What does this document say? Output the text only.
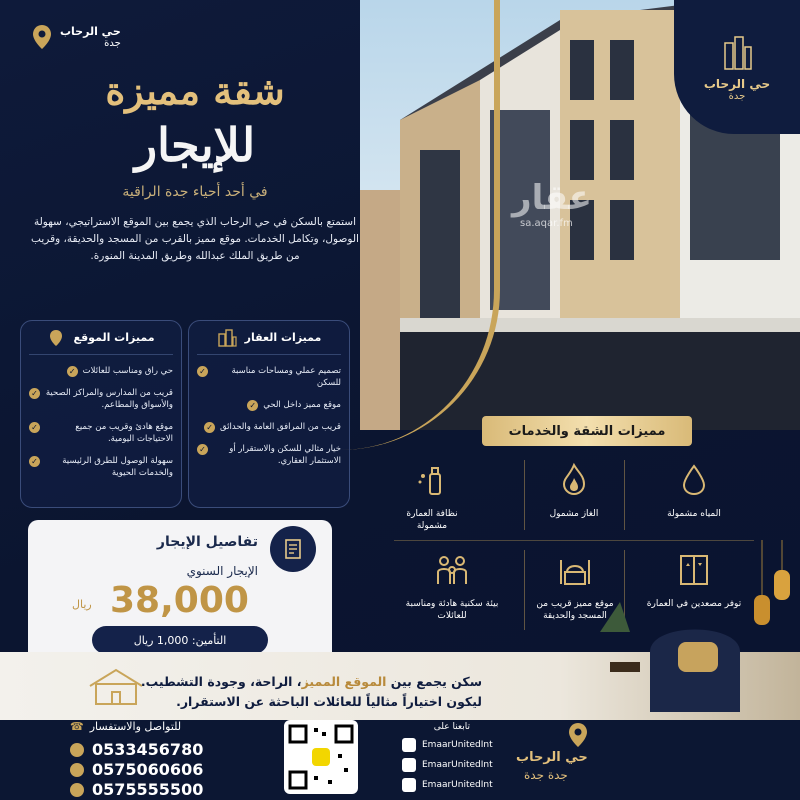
عقار
sa.aqar.fm
حي الرحاب
جدة
حي الرحاب
جدة
شقة مميزة
للإيجار
في أحد أحياء جدة الراقية
استمتع بالسكن في حي الرحاب الذي يجمع بين الموقع الاستراتيجي، سهولة الوصول، وتكامل الخدمات. موقع مميز بالقرب من المسجد والحديقة، وقريب من طريق الملك عبدالله وطريق المدينة المنورة.
مميزات الموقع
حي راق ومناسب للعائلات
✓
قريب من المدارس والمراكز الصحية والأسواق والمطاعم.
✓
موقع هادئ وقريب من جميع الاحتياجات اليومية.
✓
سهولة الوصول للطرق الرئيسية والخدمات الحيوية
✓
مميزات العقار
تصميم عملي ومساحات مناسبة للسكن
✓
موقع مميز داخل الحي
✓
قريب من المرافق العامة والحدائق
✓
خيار مثالي للسكن والاستقرار أو الاستثمار العقاري.
✓
مميزات الشقة والخدمات
المياه مشمولة
الغاز مشمول
نظافة العمارة مشمولة
توفر مصعدين في العمارة
موقع مميز قريب من المسجد والحديقة
بيئة سكنية هادئة ومناسبة للعائلات
تفاصيل الإيجار
الإيجار السنوي
38,000
ريال
التأمين: 1,000 ريال
سكن يجمع بين الموقع المميز، الراحة، وجودة التشطيب.
ليكون اختياراً مثالياً للعائلات الباحثة عن الاستقرار.
للتواصل والاستفسار
☎
0533456780
0575060606
0575555500
تابعنا على
EmaarUnitedInt
EmaarUnitedInt
EmaarUnitedInt
حي الرحاب
جدة جدة
